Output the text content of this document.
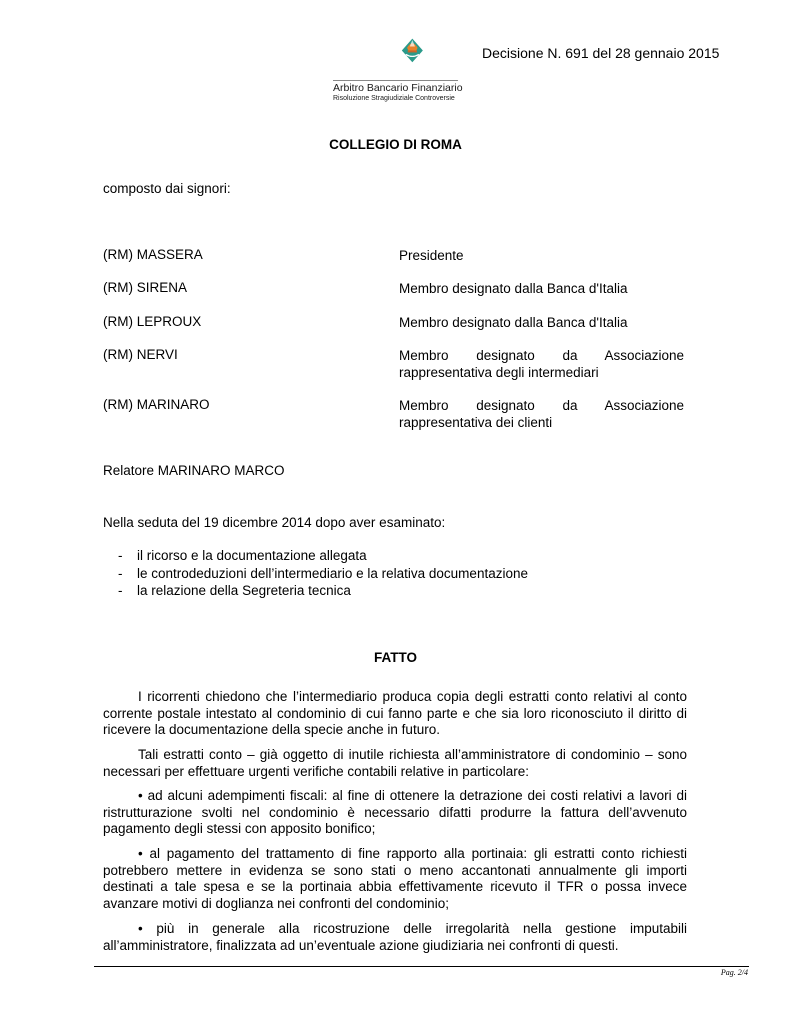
Arbitro Bancario Finanziario
Risoluzione Stragiudiziale Controversie
Decisione N. 691 del 28 gennaio 2015
COLLEGIO DI ROMA
composto dai signori:
(RM) MASSERA	Presidente
(RM) SIRENA	Membro designato dalla Banca d'Italia
(RM) LEPROUX	Membro designato dalla Banca d'Italia
(RM) NERVI	Membro designato da Associazione
rappresentativa degli intermediari
(RM) MARINARO	Membro designato da Associazione
rappresentativa dei clienti
Relatore MARINARO MARCO
Nella seduta del 19 dicembre 2014 dopo aver esaminato:
- il ricorso e la documentazione allegata
- le controdeduzioni dell’intermediario e la relativa documentazione
- la relazione della Segreteria tecnica
FATTO
I ricorrenti chiedono che l’intermediario produca copia degli estratti conto relativi al conto corrente postale intestato al condominio di cui fanno parte e che sia loro riconosciuto il diritto di ricevere la documentazione della specie anche in futuro.
Tali estratti conto – già oggetto di inutile richiesta all’amministratore di condominio – sono necessari per effettuare urgenti verifiche contabili relative in particolare:
• ad alcuni adempimenti fiscali: al fine di ottenere la detrazione dei costi relativi a lavori di ristrutturazione svolti nel condominio è necessario difatti produrre la fattura dell’avvenuto pagamento degli stessi con apposito bonifico;
• al pagamento del trattamento di fine rapporto alla portinaia: gli estratti conto richiesti potrebbero mettere in evidenza se sono stati o meno accantonati annualmente gli importi destinati a tale spesa e se la portinaia abbia effettivamente ricevuto il TFR o possa invece avanzare motivi di doglianza nei confronti del condominio;
• più in generale alla ricostruzione delle irregolarità nella gestione imputabili all’amministratore, finalizzata ad un’eventuale azione giudiziaria nei confronti di questi.
Pag. 2/4
